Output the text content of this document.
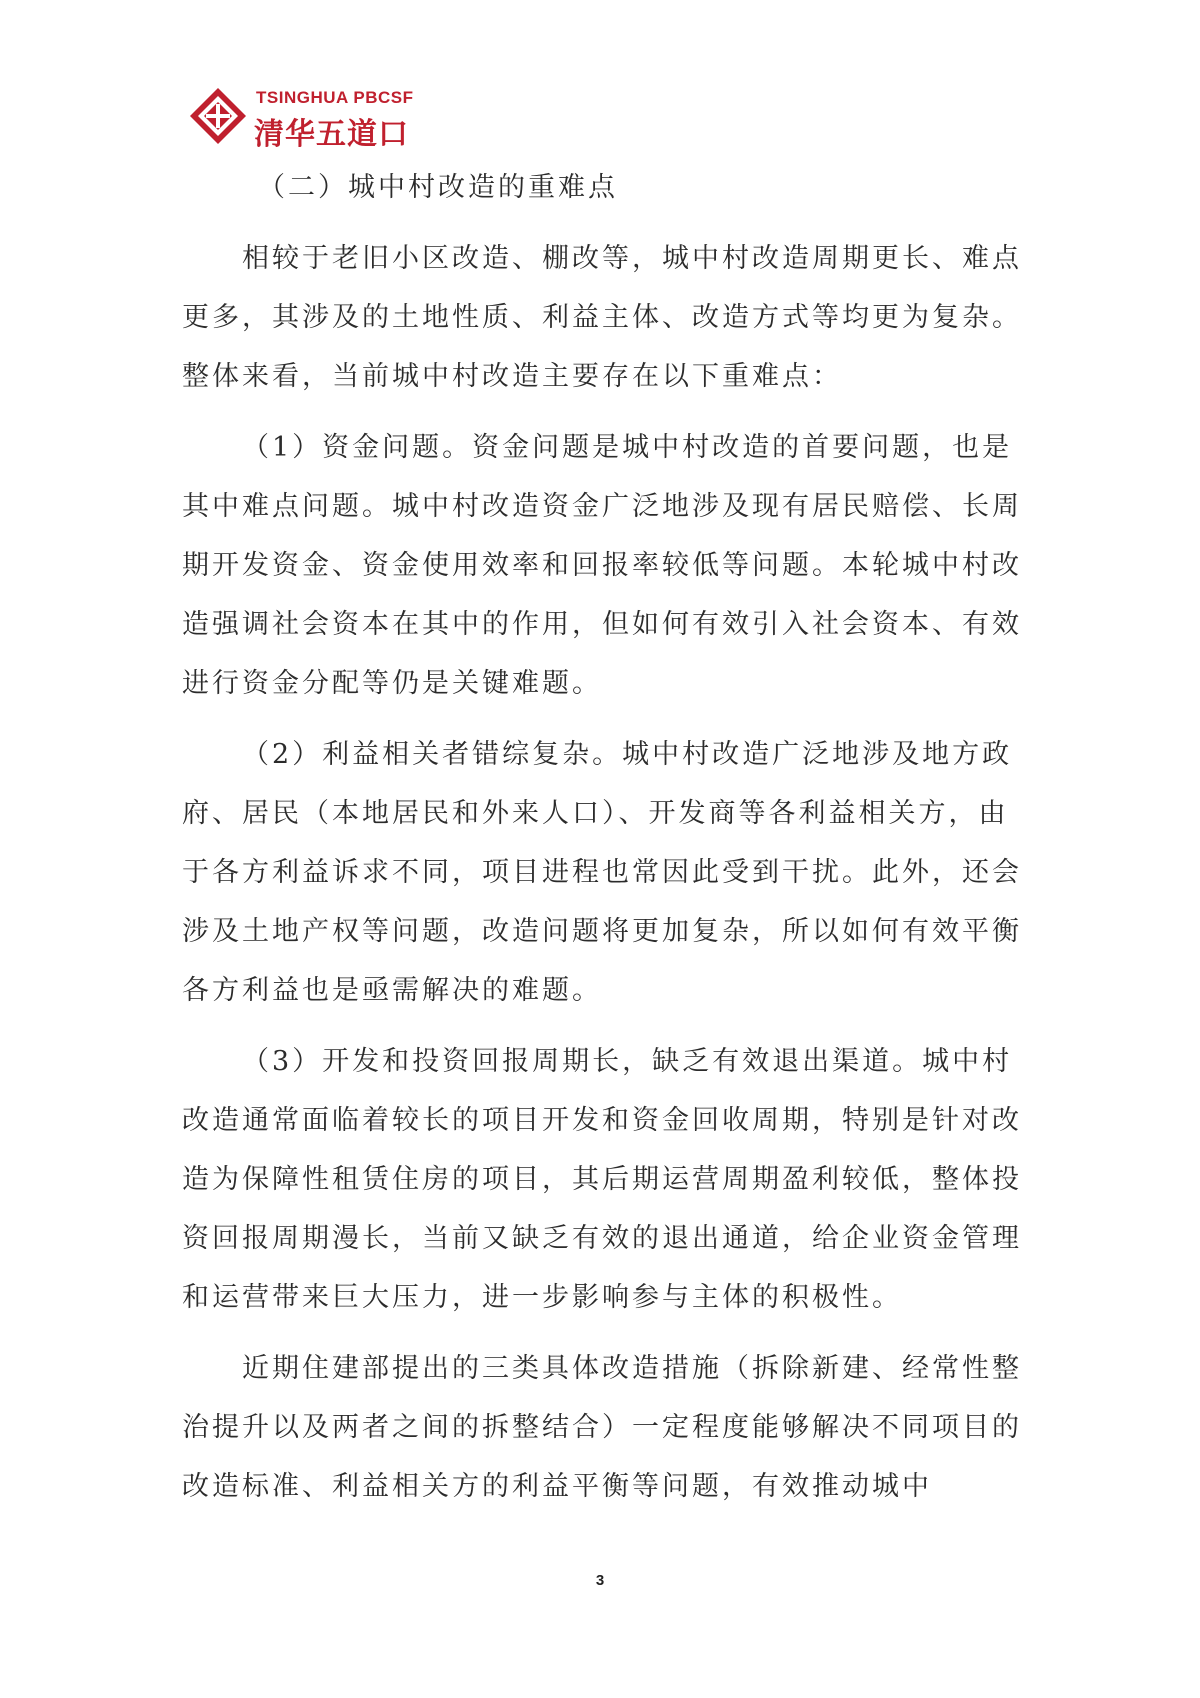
TSINGHUA PBCSF
清华五道口
（二）城中村改造的重难点

相较于老旧小区改造、棚改等，城中村改造周期更长、难点更多，其涉及的土地性质、利益主体、改造方式等均更为复杂。整体来看，当前城中村改造主要存在以下重难点：

（1）资金问题。资金问题是城中村改造的首要问题，也是其中难点问题。城中村改造资金广泛地涉及现有居民赔偿、长周期开发资金、资金使用效率和回报率较低等问题。本轮城中村改造强调社会资本在其中的作用，但如何有效引入社会资本、有效进行资金分配等仍是关键难题。

（2）利益相关者错综复杂。城中村改造广泛地涉及地方政府、居民（本地居民和外来人口）、开发商等各利益相关方，由于各方利益诉求不同，项目进程也常因此受到干扰。此外，还会涉及土地产权等问题，改造问题将更加复杂，所以如何有效平衡各方利益也是亟需解决的难题。

（3）开发和投资回报周期长，缺乏有效退出渠道。城中村改造通常面临着较长的项目开发和资金回收周期，特别是针对改造为保障性租赁住房的项目，其后期运营周期盈利较低，整体投资回报周期漫长，当前又缺乏有效的退出通道，给企业资金管理和运营带来巨大压力，进一步影响参与主体的积极性。

近期住建部提出的三类具体改造措施（拆除新建、经常性整治提升以及两者之间的拆整结合）一定程度能够解决不同项目的改造标准、利益相关方的利益平衡等问题，有效推动城中

3
